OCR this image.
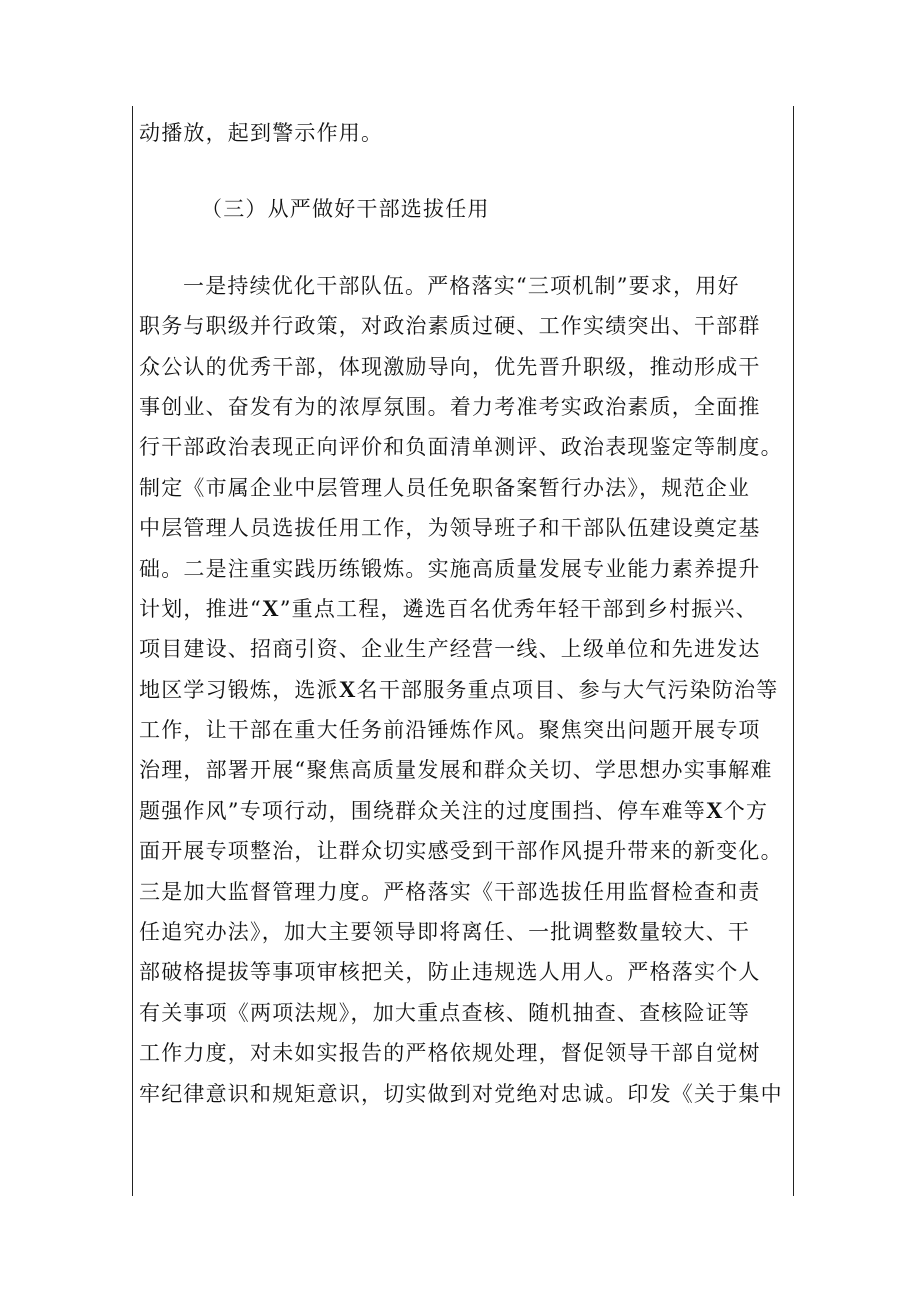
动播放，起到警示作用。
（三）从严做好干部选拔任用
一是持续优化干部队伍。严格落实“三项机制”要求，用好
职务与职级并行政策，对政治素质过硬、工作实绩突出、干部群
众公认的优秀干部，体现激励导向，优先晋升职级，推动形成干
事创业、奋发有为的浓厚氛围。着力考准考实政治素质，全面推
行干部政治表现正向评价和负面清单测评、政治表现鉴定等制度。
制定《市属企业中层管理人员任免职备案暂行办法》，规范企业
中层管理人员选拔任用工作，为领导班子和干部队伍建设奠定基
础。二是注重实践历练锻炼。实施高质量发展专业能力素养提升
计划，推进“X”重点工程，遴选百名优秀年轻干部到乡村振兴、
项目建设、招商引资、企业生产经营一线、上级单位和先进发达
地区学习锻炼，选派X名干部服务重点项目、参与大气污染防治等
工作，让干部在重大任务前沿锤炼作风。聚焦突出问题开展专项
治理，部署开展“聚焦高质量发展和群众关切、学思想办实事解难
题强作风”专项行动，围绕群众关注的过度围挡、停车难等X个方
面开展专项整治，让群众切实感受到干部作风提升带来的新变化。
三是加大监督管理力度。严格落实《干部选拔任用监督检查和责
任追究办法》，加大主要领导即将离任、一批调整数量较大、干
部破格提拔等事项审核把关，防止违规选人用人。严格落实个人
有关事项《两项法规》，加大重点查核、随机抽查、查核险证等
工作力度，对未如实报告的严格依规处理，督促领导干部自觉树
牢纪律意识和规矩意识，切实做到对党绝对忠诚。印发《关于集中
